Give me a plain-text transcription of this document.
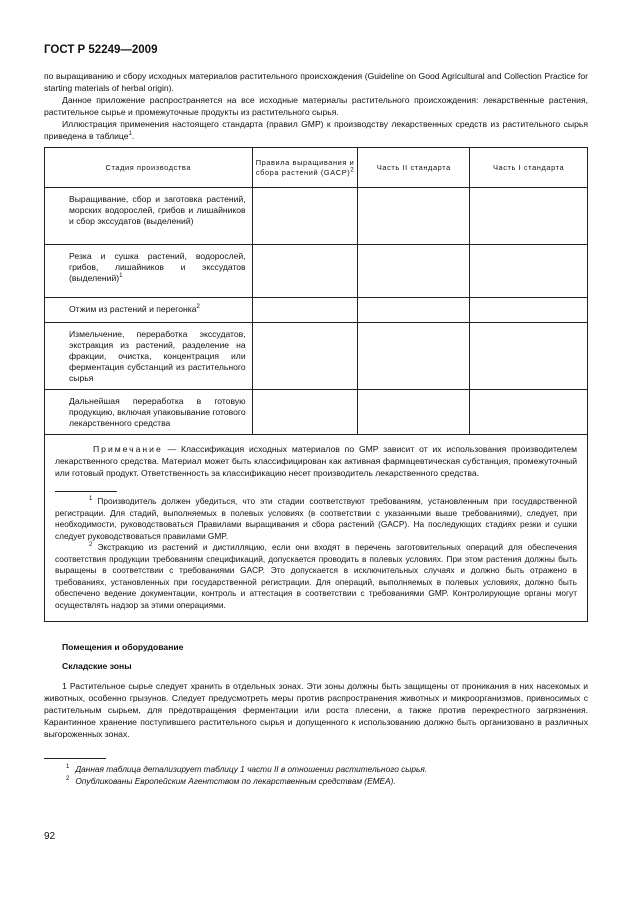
ГОСТ Р 52249—2009

по выращиванию и сбору исходных материалов растительного происхождения (Guideline on Good Agricultural and Collection Practice for starting materials of herbal origin).

Данное приложение распространяется на все исходные материалы растительного происхождения: лекарственные растения, растительное сырье и промежуточные продукты из растительного сырья.

Иллюстрация применения настоящего стандарта (правил GMP) к производству лекарственных средств из растительного сырья приведена в таблице$^1$.

Стадия производства	Правила выращивания и сбора растений (GACP)$^2$	Часть II стандарта	Часть I стандарта

Выращивание, сбор и заготовка растений, морских водорослей, грибов и лишайников и сбор экссудатов (выделений)			

Резка и сушка растений, водорослей, грибов, лишайников и экссудатов (выделений)$^1$

Отжим из растений и перегонка$^2$

Измельчение, переработка экссудатов, экстракция из растений, разделение на фракции, очистка, концентрация или ферментация субстанций из растительного сырья			

Дальнейшая переработка в готовую продукцию, включая упаковывание готового лекарственного средства			

Примечание — Классификация исходных материалов по GMP зависит от их использования производителем лекарственного средства. Материал может быть классифицирован как активная фармацевтическая субстанция, промежуточный или готовый продукт. Ответственность за классификацию несет производитель лекарственного средства.
$^1$ Производитель должен убедиться, что эти стадии соответствуют требованиям, установленным при государственной регистрации. Для стадий, выполняемых в полевых условиях (в соответствии с указанными выше требованиями), следует, при необходимости, руководствоваться Правилами выращивания и сбора растений (GACP). На последующих стадиях резки и сушки следует руководствоваться правилами GMP.
$^2$ Экстракцию из растений и дистилляцию, если они входят в перечень заготовительных операций для обеспечения соответствия продукции требованиям спецификаций, допускается проводить в полевых условиях. При этом растения должны быть выращены в соответствии с требованиями GACP. Это допускается в исключительных случаях и должно быть отражено в требованиях, установленных при государственной регистрации. Для операций, выполняемых в полевых условиях, должно быть обеспечено ведение документации, контроль и аттестация в соответствии с требованиями GMP. Контролирующие органы могут осуществлять надзор за этими операциями.			
Помещения и оборудование
Складские зоны

1 Растительное сырье следует хранить в отдельных зонах. Эти зоны должны быть защищены от проникания в них насекомых и животных, особенно грызунов. Следует предусмотреть меры против распространения животных и микроорганизмов, привносимых с растительным сырьем, для предотвращения ферментации или роста плесени, а также против перекрестного загрязнения. Карантинное хранение поступившего растительного сырья и допущенного к использованию должно быть организовано в различных выгороженных зонах.

$^1$ Данная таблица детализирует таблицу 1 части II в отношении растительного сырья.
$^2$ Опубликованы Европейским Агентством по лекарственным средствам (EMEA).
92
